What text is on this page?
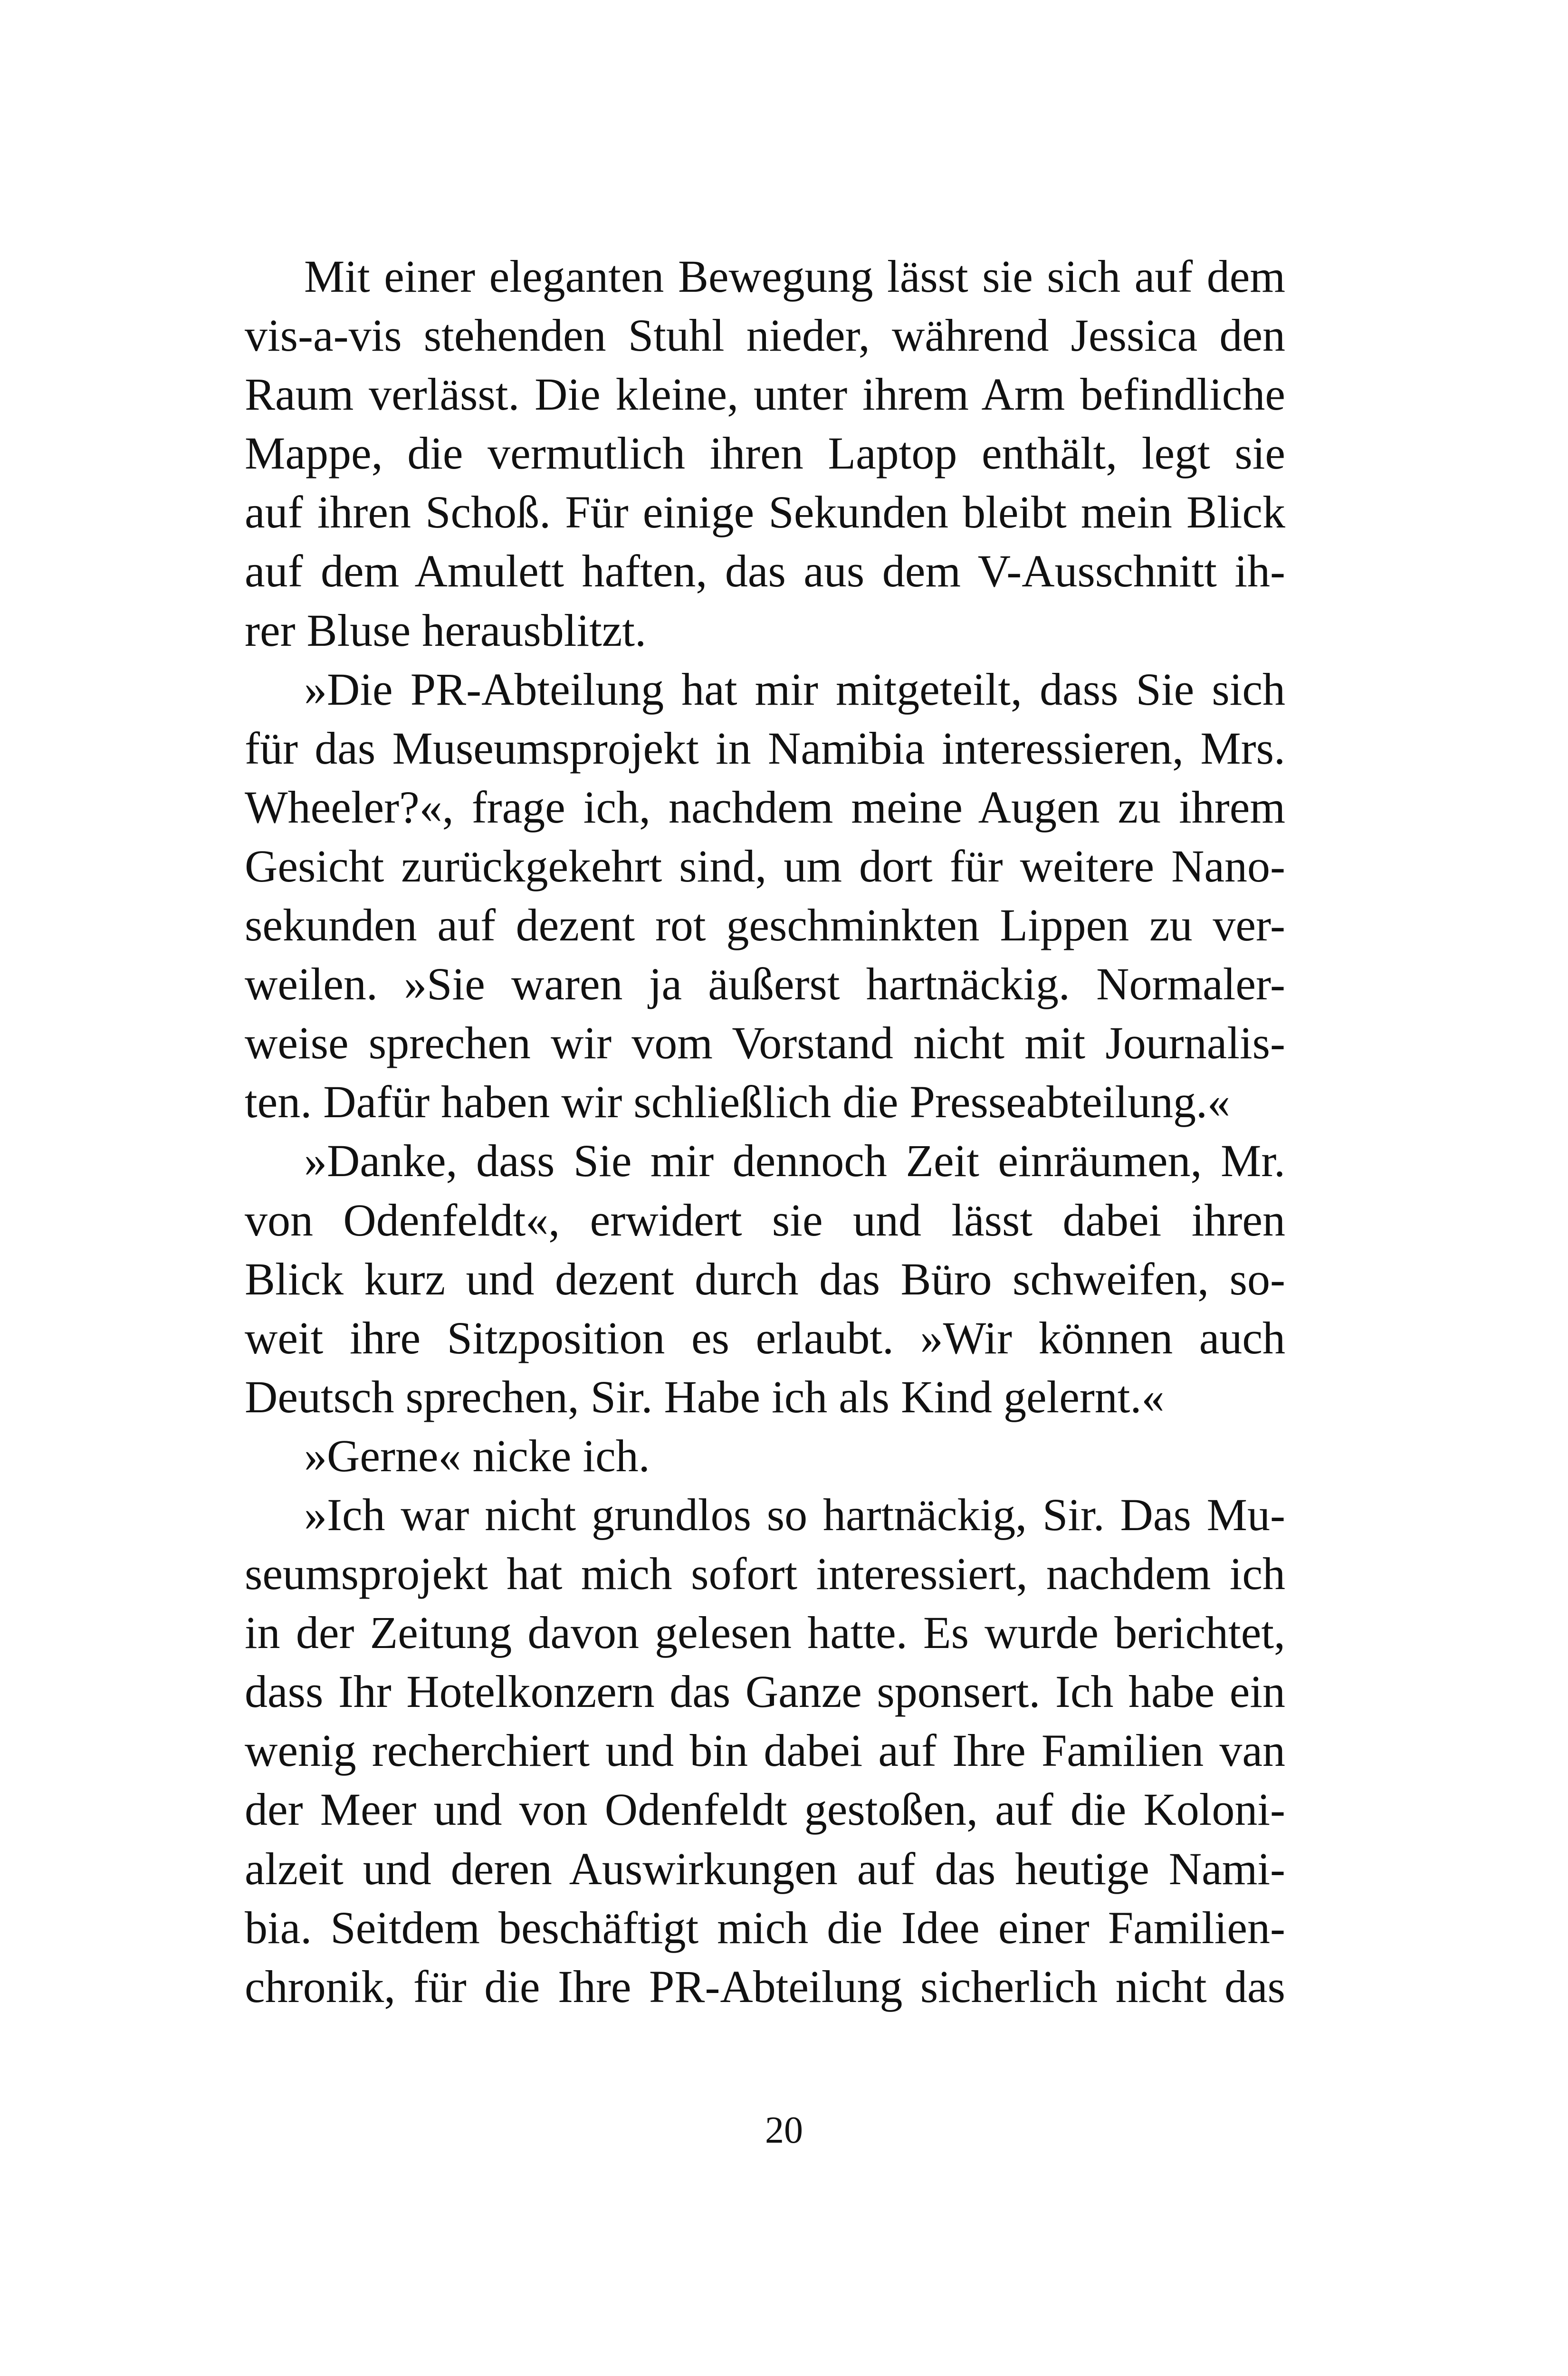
Mit einer eleganten Bewegung lässt sie sich auf dem
vis-a-vis stehenden Stuhl nieder, während Jessica den
Raum verlässt. Die kleine, unter ihrem Arm befindliche
Mappe, die vermutlich ihren Laptop enthält, legt sie
auf ihren Schoß. Für einige Sekunden bleibt mein Blick
auf dem Amulett haften, das aus dem V-Ausschnitt ih-
rer Bluse herausblitzt.
»Die PR-Abteilung hat mir mitgeteilt, dass Sie sich
für das Museumsprojekt in Namibia interessieren, Mrs.
Wheeler?«, frage ich, nachdem meine Augen zu ihrem
Gesicht zurückgekehrt sind, um dort für weitere Nano-
sekunden auf dezent rot geschminkten Lippen zu ver-
weilen. »Sie waren ja äußerst hartnäckig. Normaler-
weise sprechen wir vom Vorstand nicht mit Journalis-
ten. Dafür haben wir schließlich die Presseabteilung.«
»Danke, dass Sie mir dennoch Zeit einräumen, Mr.
von Odenfeldt«, erwidert sie und lässt dabei ihren
Blick kurz und dezent durch das Büro schweifen, so-
weit ihre Sitzposition es erlaubt. »Wir können auch
Deutsch sprechen, Sir. Habe ich als Kind gelernt.«
»Gerne« nicke ich.
»Ich war nicht grundlos so hartnäckig, Sir. Das Mu-
seumsprojekt hat mich sofort interessiert, nachdem ich
in der Zeitung davon gelesen hatte. Es wurde berichtet,
dass Ihr Hotelkonzern das Ganze sponsert. Ich habe ein
wenig recherchiert und bin dabei auf Ihre Familien van
der Meer und von Odenfeldt gestoßen, auf die Koloni-
alzeit und deren Auswirkungen auf das heutige Nami-
bia. Seitdem beschäftigt mich die Idee einer Familien-
chronik, für die Ihre PR-Abteilung sicherlich nicht das
20
